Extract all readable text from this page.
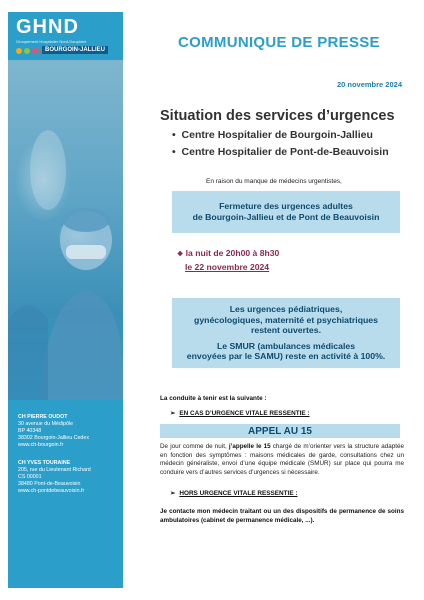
GHND
Groupement Hospitalier Nord-Dauphiné
BOURGOIN-JALLIEU
CH PIERRE OUDOT
30 avenue du Médipôle
BP 40348
38302 Bourgoin-Jallieu Cedex
www.ch-bourgoin.fr
CH YVES TOURAINE
205, rue du Lieutenant Richard
CS 00001
38480 Pont-de-Beauvoisin
www.ch-pontdebeauvoisin.fr
COMMUNIQUE DE PRESSE
20 novembre 2024
Situation des services d’urgences
•  Centre Hospitalier de Bourgoin-Jallieu
•  Centre Hospitalier de Pont-de-Beauvoisin
En raison du manque de médecins urgentistes,
Fermeture des urgences adultes
de Bourgoin-Jallieu et de Pont de Beauvoisin
❖ la nuit de 20h00 à 8h30
le 22 novembre 2024
Les urgences pédiatriques,
gynécologiques, maternité et psychiatriques
restent ouvertes.
Le SMUR (ambulances médicales
envoyées par le SAMU) reste en activité à 100%.
La conduite à tenir est la suivante :
➢ EN CAS D’URGENCE VITALE RESSENTIE :
APPEL AU 15
De jour comme de nuit, j’appelle le 15 chargé de m’orienter vers la structure adaptée en fonction des symptômes : maisons médicales de garde, consultations chez un médecin généraliste, envoi d’une équipe médicale (SMUR) sur place qui pourra me conduire vers d’autres services d’urgences si nécessaire.
➢ HORS URGENCE VITALE RESSENTIE :
Je contacte mon médecin traitant ou un des dispositifs de permanence de soins ambulatoires (cabinet de permanence médicale, ...).
